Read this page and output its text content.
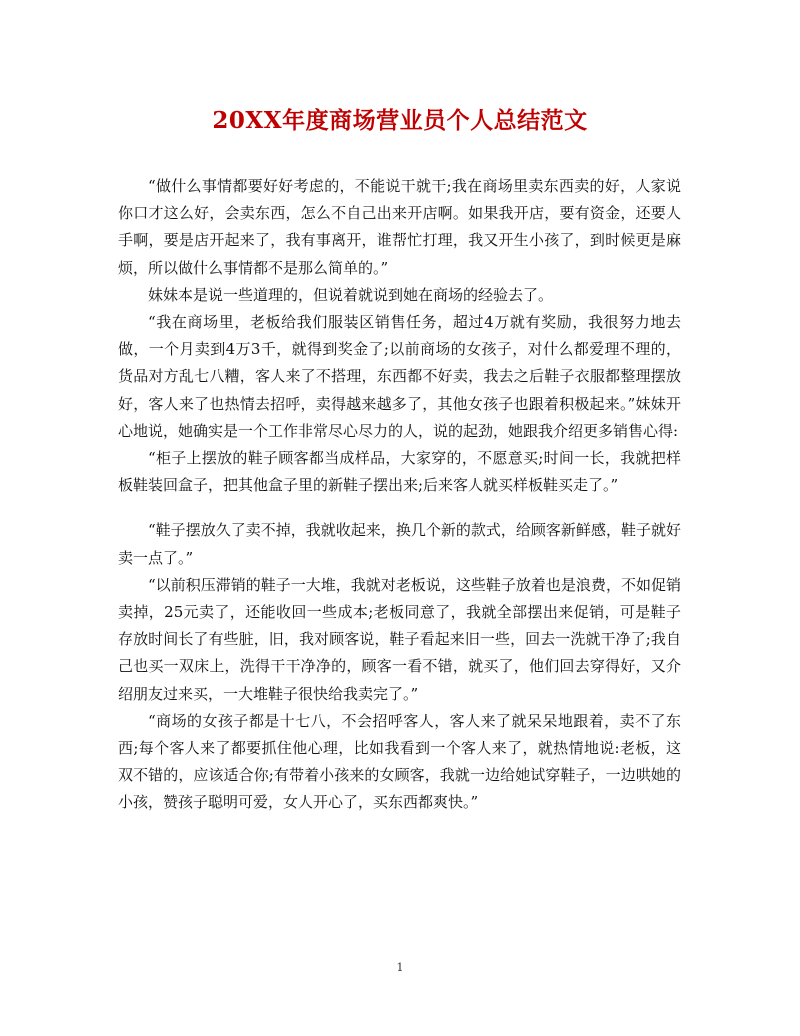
20XX年度商场营业员个人总结范文

“做什么事情都要好好考虑的，不能说干就干;我在商场里卖东西卖的好，人家说你口才这么好，会卖东西，怎么不自己出来开店啊。如果我开店，要有资金，还要人手啊，要是店开起来了，我有事离开，谁帮忙打理，我又开生小孩了，到时候更是麻烦，所以做什么事情都不是那么简单的。”

妹妹本是说一些道理的，但说着就说到她在商场的经验去了。

“我在商场里，老板给我们服装区销售任务，超过4万就有奖励，我很努力地去做，一个月卖到4万3千，就得到奖金了;以前商场的女孩子，对什么都爱理不理的，货品对方乱七八糟，客人来了不搭理，东西都不好卖，我去之后鞋子衣服都整理摆放好，客人来了也热情去招呼，卖得越来越多了，其他女孩子也跟着积极起来。”妹妹开心地说，她确实是一个工作非常尽心尽力的人，说的起劲，她跟我介绍更多销售心得:

“柜子上摆放的鞋子顾客都当成样品，大家穿的，不愿意买;时间一长，我就把样板鞋装回盒子，把其他盒子里的新鞋子摆出来;后来客人就买样板鞋买走了。”

“鞋子摆放久了卖不掉，我就收起来，换几个新的款式，给顾客新鲜感，鞋子就好卖一点了。”

“以前积压滞销的鞋子一大堆，我就对老板说，这些鞋子放着也是浪费，不如促销卖掉，25元卖了，还能收回一些成本;老板同意了，我就全部摆出来促销，可是鞋子存放时间长了有些脏，旧，我对顾客说，鞋子看起来旧一些，回去一洗就干净了;我自己也买一双床上，洗得干干净净的，顾客一看不错，就买了，他们回去穿得好，又介绍朋友过来买，一大堆鞋子很快给我卖完了。”

“商场的女孩子都是十七八，不会招呼客人，客人来了就呆呆地跟着，卖不了东西;每个客人来了都要抓住他心理，比如我看到一个客人来了，就热情地说:老板，这双不错的，应该适合你;有带着小孩来的女顾客，我就一边给她试穿鞋子，一边哄她的小孩，赞孩子聪明可爱，女人开心了，买东西都爽快。”

1
